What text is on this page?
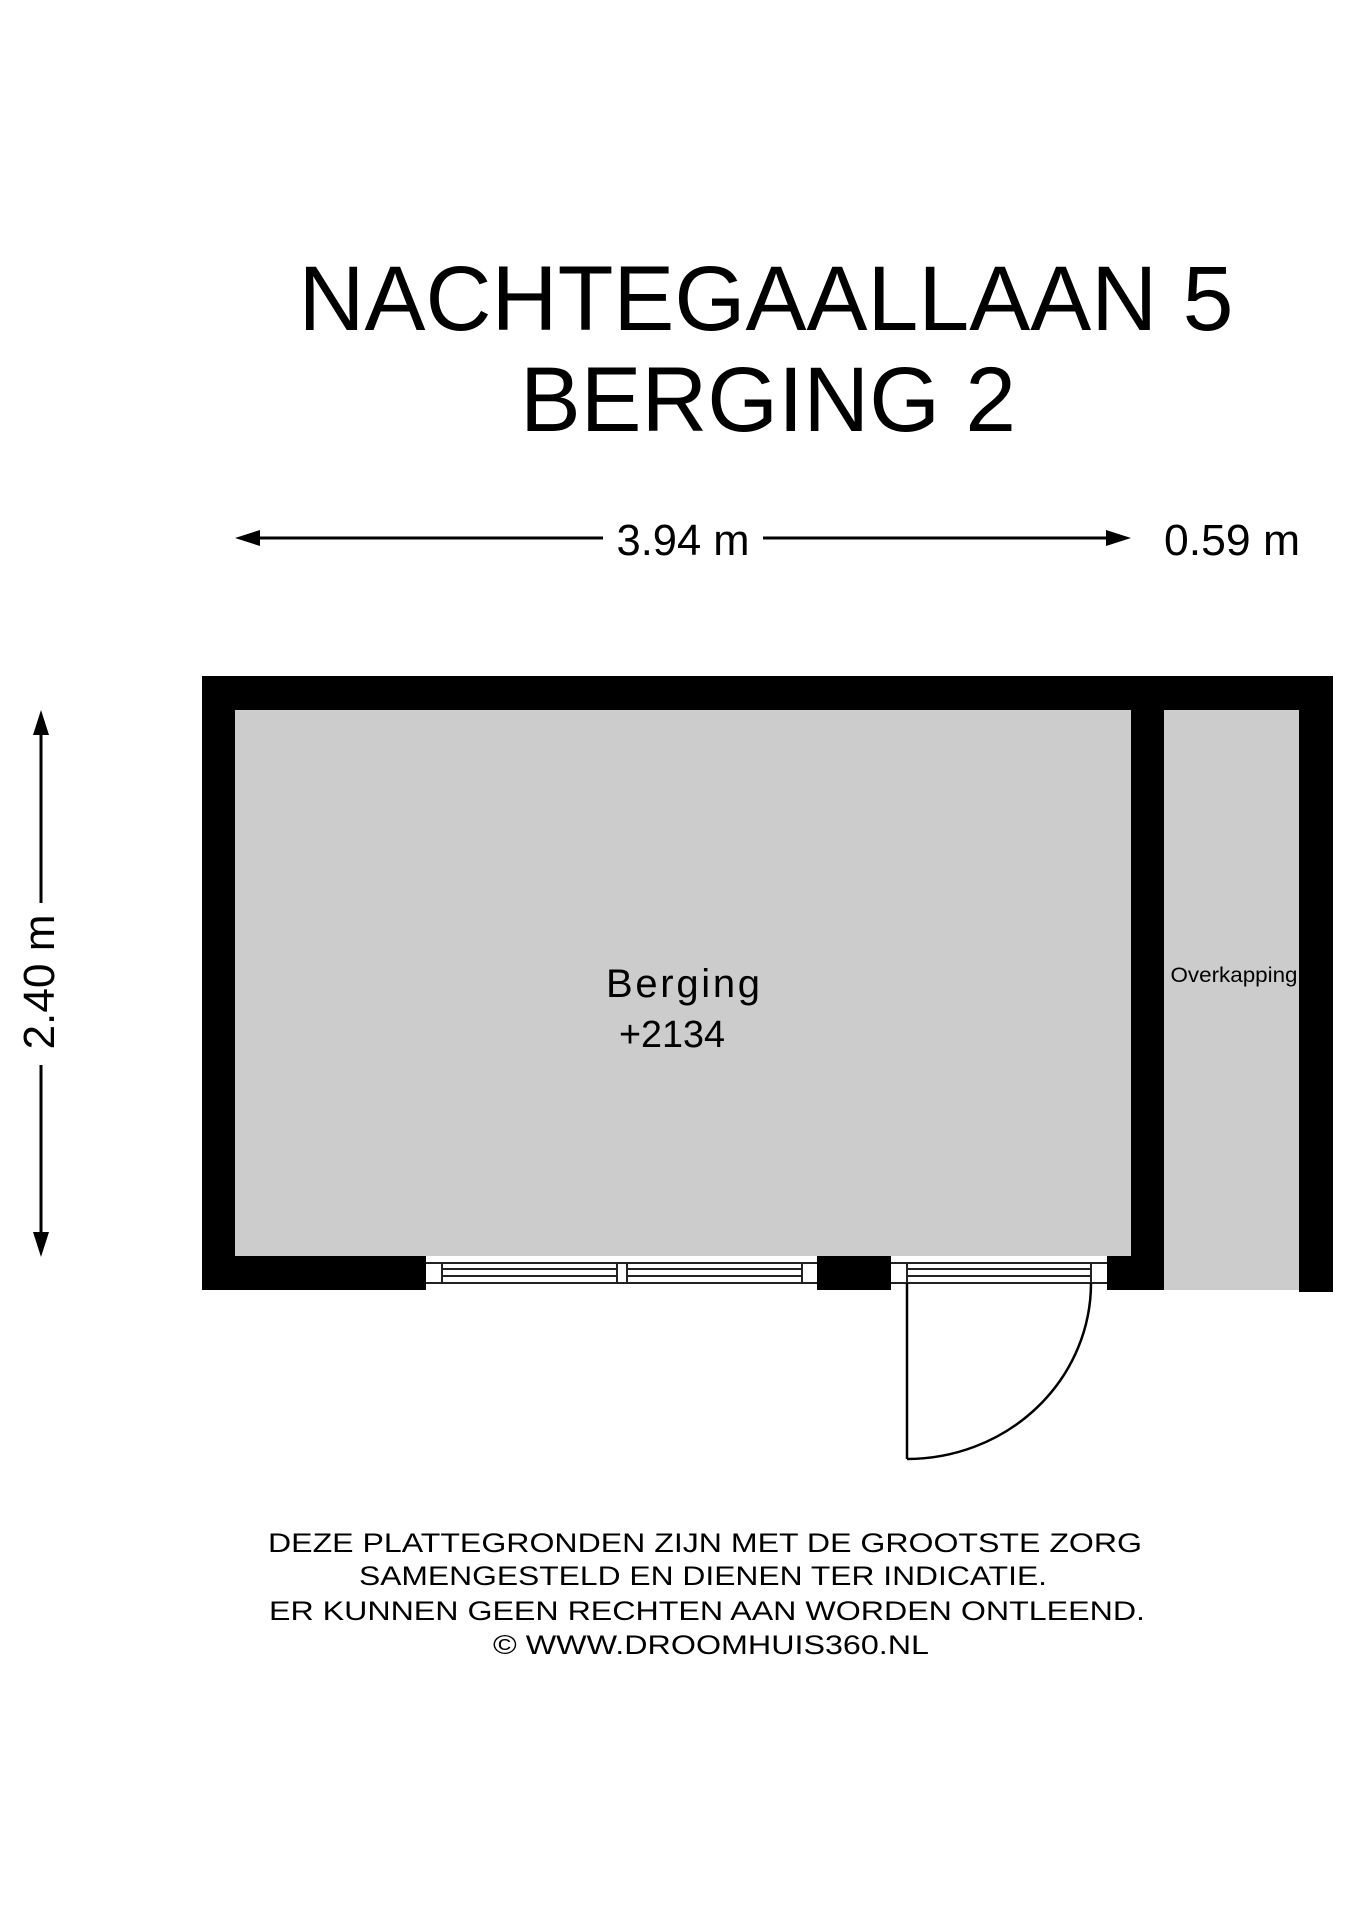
NACHTEGAALLAAN 5
BERGING 2
3.94 m	0.59 m
2.40 m	Berging
+2134
Overkapping
DEZE PLATTEGRONDEN ZIJN MET DE GROOTSTE ZORG
SAMENGESTELD EN DIENEN TER INDICATIE.
ER KUNNEN GEEN RECHTEN AAN WORDEN ONTLEEND.
© WWW.DROOMHUIS360.NL
